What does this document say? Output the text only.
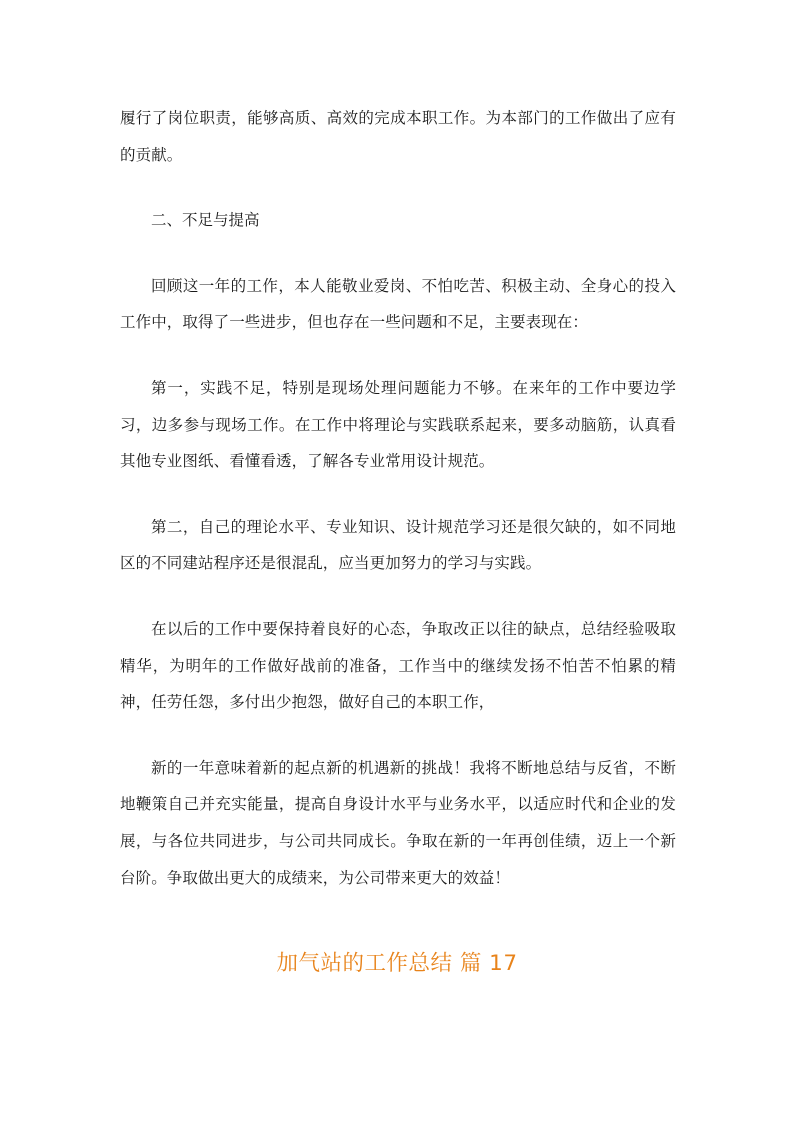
履行了岗位职责，能够高质、高效的完成本职工作。为本部门的工作做出了应有的贡献。

二、不足与提高

回顾这一年的工作，本人能敬业爱岗、不怕吃苦、积极主动、全身心的投入工作中，取得了一些进步，但也存在一些问题和不足，主要表现在：

第一，实践不足，特别是现场处理问题能力不够。在来年的工作中要边学习，边多参与现场工作。在工作中将理论与实践联系起来，要多动脑筋，认真看其他专业图纸、看懂看透，了解各专业常用设计规范。

第二，自己的理论水平、专业知识、设计规范学习还是很欠缺的，如不同地区的不同建站程序还是很混乱，应当更加努力的学习与实践。

在以后的工作中要保持着良好的心态，争取改正以往的缺点，总结经验吸取精华，为明年的工作做好战前的准备，工作当中的继续发扬不怕苦不怕累的精神，任劳任怨，多付出少抱怨，做好自己的本职工作，

新的一年意味着新的起点新的机遇新的挑战！我将不断地总结与反省，不断地鞭策自己并充实能量，提高自身设计水平与业务水平，以适应时代和企业的发展，与各位共同进步，与公司共同成长。争取在新的一年再创佳绩，迈上一个新台阶。争取做出更大的成绩来，为公司带来更大的效益！

加气站的工作总结 篇 17
